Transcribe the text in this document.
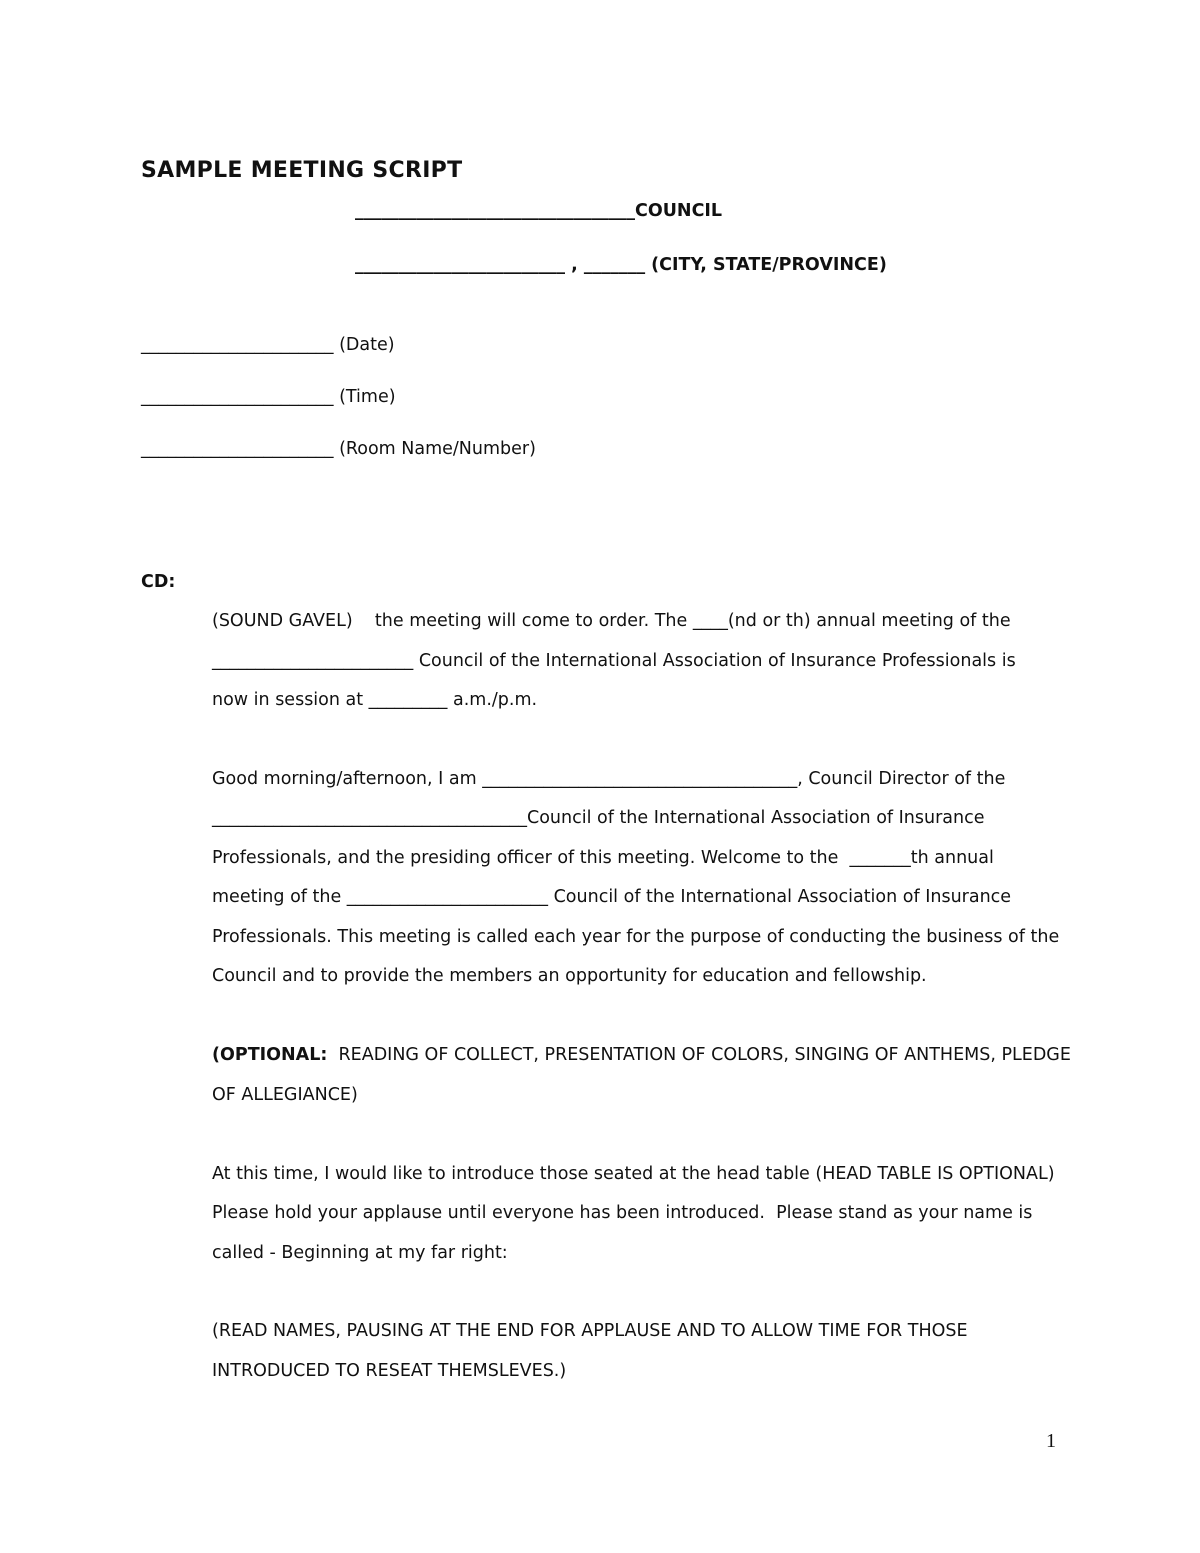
SAMPLE MEETING SCRIPT
________________________________COUNCIL
________________________ , _______ (CITY, STATE/PROVINCE)
______________________ (Date)
______________________ (Time)
______________________ (Room Name/Number)
CD:
(SOUND GAVEL)    the meeting will come to order. The ____(nd or th) annual meeting of the
_______________________ Council of the International Association of Insurance Professionals is
now in session at _________ a.m./p.m.
Good morning/afternoon, I am ____________________________________, Council Director of the
____________________________________Council of the International Association of Insurance
Professionals, and the presiding officer of this meeting. Welcome to the  _______th annual
meeting of the _______________________ Council of the International Association of Insurance
Professionals. This meeting is called each year for the purpose of conducting the business of the
Council and to provide the members an opportunity for education and fellowship.
(OPTIONAL:  READING OF COLLECT, PRESENTATION OF COLORS, SINGING OF ANTHEMS, PLEDGE
OF ALLEGIANCE)
At this time, I would like to introduce those seated at the head table (HEAD TABLE IS OPTIONAL)
Please hold your applause until everyone has been introduced.  Please stand as your name is
called - Beginning at my far right:
(READ NAMES, PAUSING AT THE END FOR APPLAUSE AND TO ALLOW TIME FOR THOSE
INTRODUCED TO RESEAT THEMSLEVES.)
1
